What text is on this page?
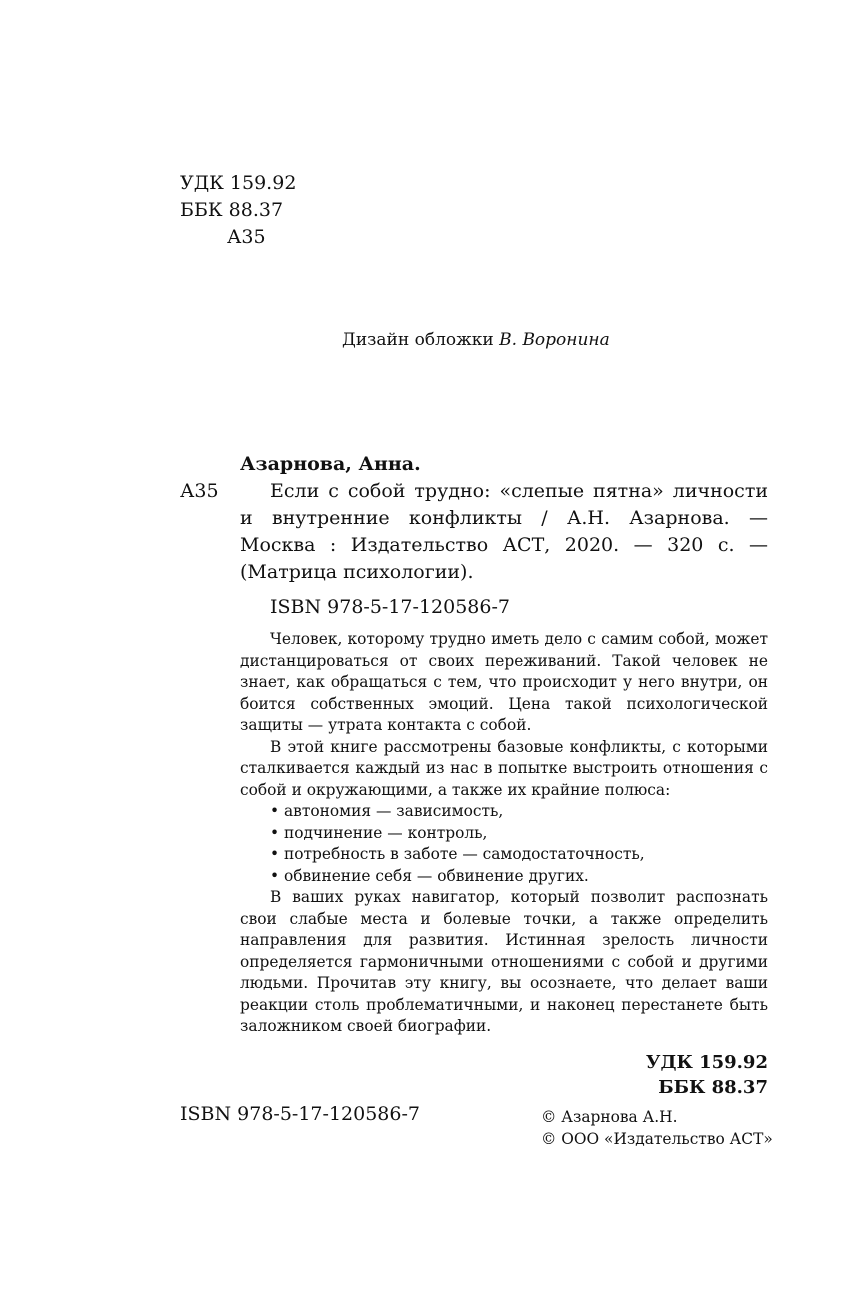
УДК 159.92
ББК 88.37
А35
Дизайн обложки В. Воронина
Азарнова, Анна.
А35	Если с собой трудно: «слепые пятна» личности и внутренние конфликты / А.Н. Азарнова. — Москва : Издательство АСТ, 2020. — 320 с. — (Матрица психологии).
ISBN 978-5-17-120586-7

Человек, которому трудно иметь дело с самим собой, может дистанцироваться от своих переживаний. Такой человек не знает, как обращаться с тем, что происходит у него внутри, он боится собственных эмоций. Цена такой психологической защиты — утрата контакта с собой.

В этой книге рассмотрены базовые конфликты, с которыми сталкивается каждый из нас в попытке выстроить отношения с собой и окружающими, а также их крайние полюса:

• автономия — зависимость,
• подчинение — контроль,
• потребность в заботе — самодостаточность,
• обвинение себя — обвинение других.

В ваших руках навигатор, который позволит распознать свои слабые места и болевые точки, а также определить направления для развития. Истинная зрелость личности определяется гармоничными отношениями с собой и другими людьми. Прочитав эту книгу, вы осознаете, что делает ваши реакции столь проблематичными, и наконец перестанете быть заложником своей биографии.

УДК 159.92
ББК 88.37
ISBN 978-5-17-120586-7	© Азарнова А.Н.
© ООО «Издательство АСТ»
